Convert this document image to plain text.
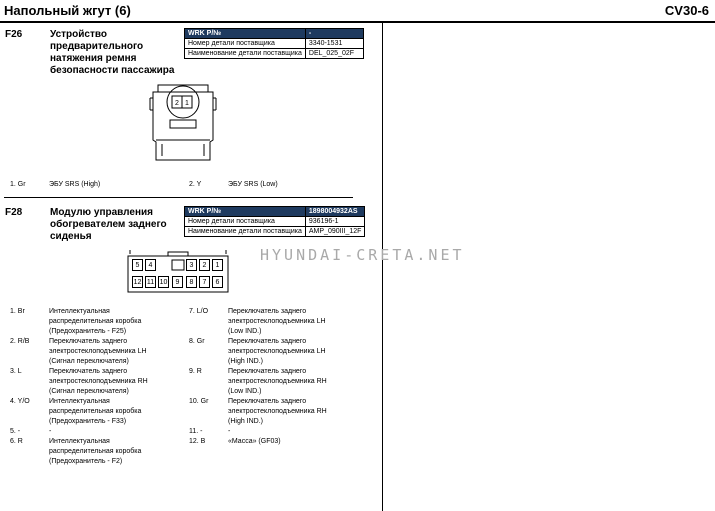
Напольный жгут (6)	CV30-6
F26	Устройство
предварительного
натяжения ремня
безопасности пассажира
WRK P/№	-
Номер детали поставщика	3340-1531
Наименование детали поставщика	DEL_025_02F
2 1
1. Gr	ЭБУ SRS (High)	2. Y	ЭБУ SRS (Low)
F28	Модулю управления
обогревателем заднего
сиденья
WRK P/№	1898004932AS
Номер детали поставщика	936196-1
Наименование детали поставщика	AMP_090III_12F
5	4	3	2	1
12 11 10	9	8	7	6
HYUNDAI-CRETA.NET
1. Br	Интеллектуальная
распределительная коробка
(Предохранитель - F25)
2. R/B	Переключатель заднего
электростеклоподъемника LH
(Сигнал переключателя)
3. L	Переключатель заднего
электростеклоподъемника RH
(Сигнал переключателя)
4. Y/O	Интеллектуальная
распределительная коробка
(Предохранитель - F33)
5. -	-
6. R	Интеллектуальная
распределительная коробка
(Предохранитель - F2)
7. L/O	Переключатель заднего
электростеклоподъемника LH
(Low IND.)
8. Gr	Переключатель заднего
электростеклоподъемника LH
(High IND.)
9. R	Переключатель заднего
электростеклоподъемника RH
(Low IND.)
10. Gr	Переключатель заднего
электростеклоподъемника RH
(High IND.)
11. -	-
12. B	«Масса» (GF03)
